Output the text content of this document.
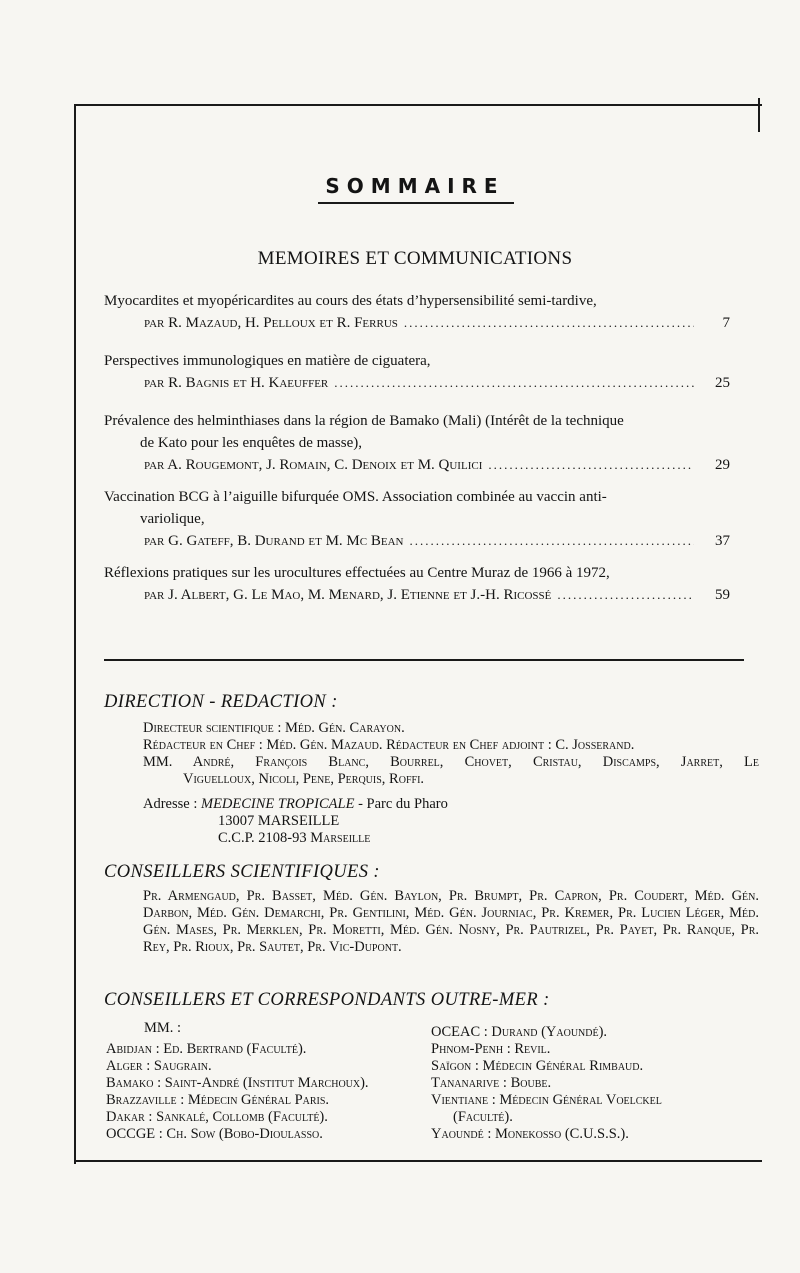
SOMMAIRE
MEMOIRES ET COMMUNICATIONS
Myocardites et myopéricardites au cours des états d’hypersensibilité semi-tardive,
par R. Mazaud, H. Pelloux et R. Ferrus .....	7
Perspectives immunologiques en matière de ciguatera,
par R. Bagnis et H. Kaeuffer .....	25
Prévalence des helminthiases dans la région de Bamako (Mali) (Intérêt de la technique
de Kato pour les enquêtes de masse),
par A. Rougemont, J. Romain, C. Denoix et M. Quilici .....	29
Vaccination BCG à l’aiguille bifurquée OMS. Association combinée au vaccin anti-
variolique,
par G. Gateff, B. Durand et M. Mc Bean .....	37
Réflexions pratiques sur les urocultures effectuées au Centre Muraz de 1966 à 1972,
par J. Albert, G. Le Mao, M. Menard, J. Etienne et J.-H. Ricossé .....	59
DIRECTION - REDACTION :
Directeur scientifique : Méd. Gén. Carayon.
Rédacteur en Chef : Méd. Gén. Mazaud. Rédacteur en Chef adjoint : C. Josserand.
MM. André, François Blanc, Bourrel, Chovet, Cristau, Discamps, Jarret, Le
Viguelloux, Nicoli, Pene, Perquis, Roffi.
Adresse : MEDECINE TROPICALE - Parc du Pharo
13007 MARSEILLE
C.C.P. 2108-93 Marseille
CONSEILLERS SCIENTIFIQUES :
Pr. Armengaud, Pr. Basset, Méd. Gén. Baylon, Pr. Brumpt, Pr. Capron, Pr. Coudert, Méd. Gén. Darbon, Méd. Gén. Demarchi, Pr. Gentilini, Méd. Gén. Journiac, Pr. Kremer, Pr. Lucien Léger, Méd. Gén. Mases, Pr. Merklen, Pr. Moretti, Méd. Gén. Nosny, Pr. Pautrizel, Pr. Payet, Pr. Ranque, Pr. Rey, Pr. Rioux, Pr. Sautet, Pr. Vic-Dupont.
CONSEILLERS ET CORRESPONDANTS OUTRE-MER :
MM. :
Abidjan : Ed. Bertrand (Faculté).
Alger : Saugrain.
Bamako : Saint-André (Institut Marchoux).
Brazzaville : Médecin Général Paris.
Dakar : Sankalé, Collomb (Faculté).
OCCGE : Ch. Sow (Bobo-Dioulasso.
OCEAC : Durand (Yaoundé).
Phnom-Penh : Revil.
Saïgon : Médecin Général Rimbaud.
Tananarive : Boube.
Vientiane : Médecin Général Voelckel
(Faculté).
Yaoundé : Monekosso (C.U.S.S.).
